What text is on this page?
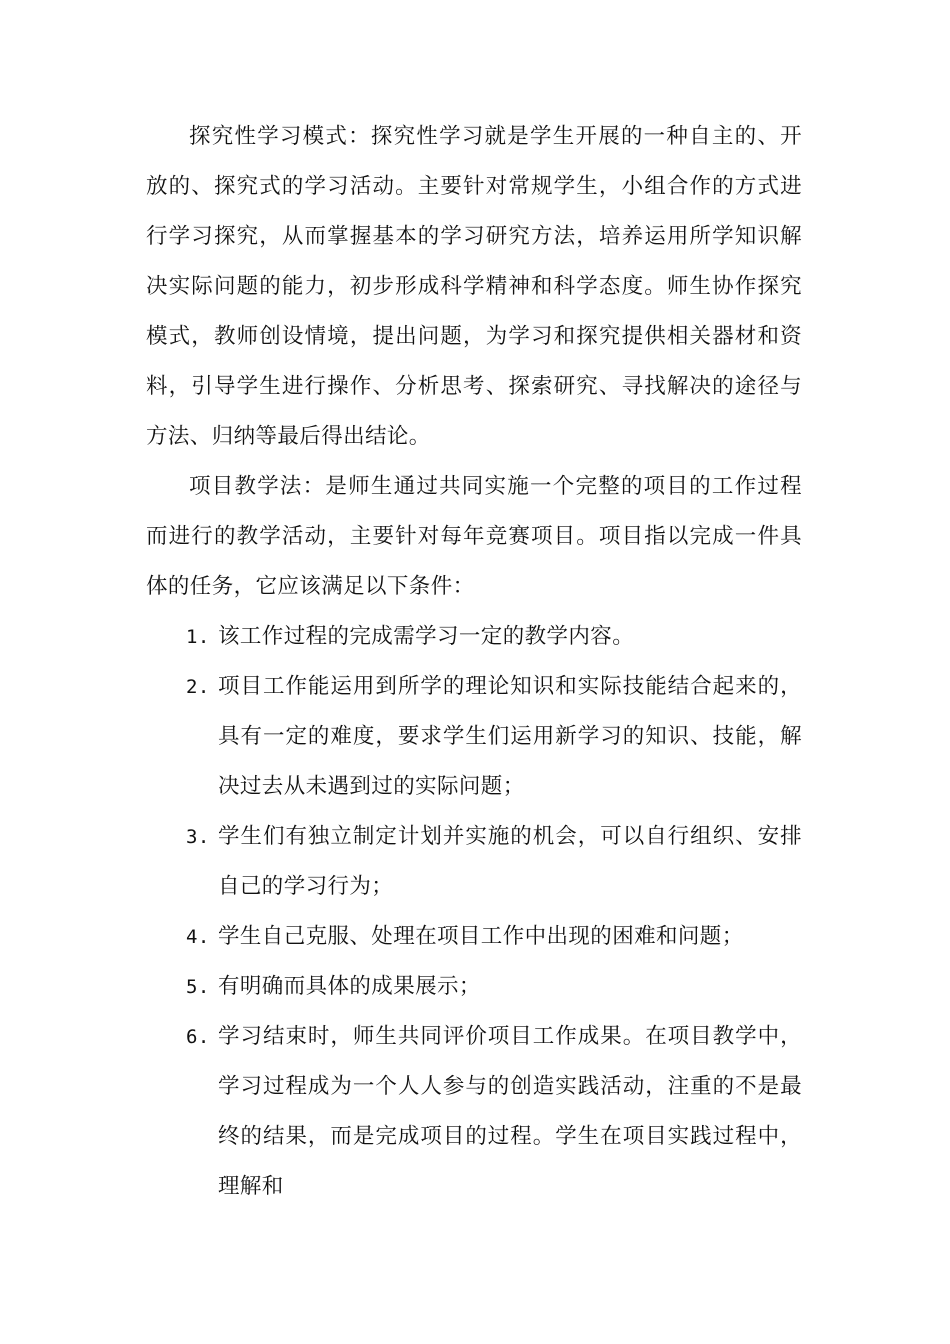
探究性学习模式：探究性学习就是学生开展的一种自主的、开放的、探究式的学习活动。主要针对常规学生，小组合作的方式进行学习探究，从而掌握基本的学习研究方法，培养运用所学知识解决实际问题的能力，初步形成科学精神和科学态度。师生协作探究模式，教师创设情境，提出问题，为学习和探究提供相关器材和资料，引导学生进行操作、分析思考、探索研究、寻找解决的途径与方法、归纳等最后得出结论。

项目教学法：是师生通过共同实施一个完整的项目的工作过程而进行的教学活动，主要针对每年竞赛项目。项目指以完成一件具体的任务，它应该满足以下条件：

1. 该工作过程的完成需学习一定的教学内容。
2. 项目工作能运用到所学的理论知识和实际技能结合起来的，具有一定的难度，要求学生们运用新学习的知识、技能，解决过去从未遇到过的实际问题；
3. 学生们有独立制定计划并实施的机会，可以自行组织、安排自己的学习行为；
4. 学生自己克服、处理在项目工作中出现的困难和问题；
5. 有明确而具体的成果展示；
6. 学习结束时，师生共同评价项目工作成果。在项目教学中，学习过程成为一个人人参与的创造实践活动，注重的不是最终的结果，而是完成项目的过程。学生在项目实践过程中，理解和
